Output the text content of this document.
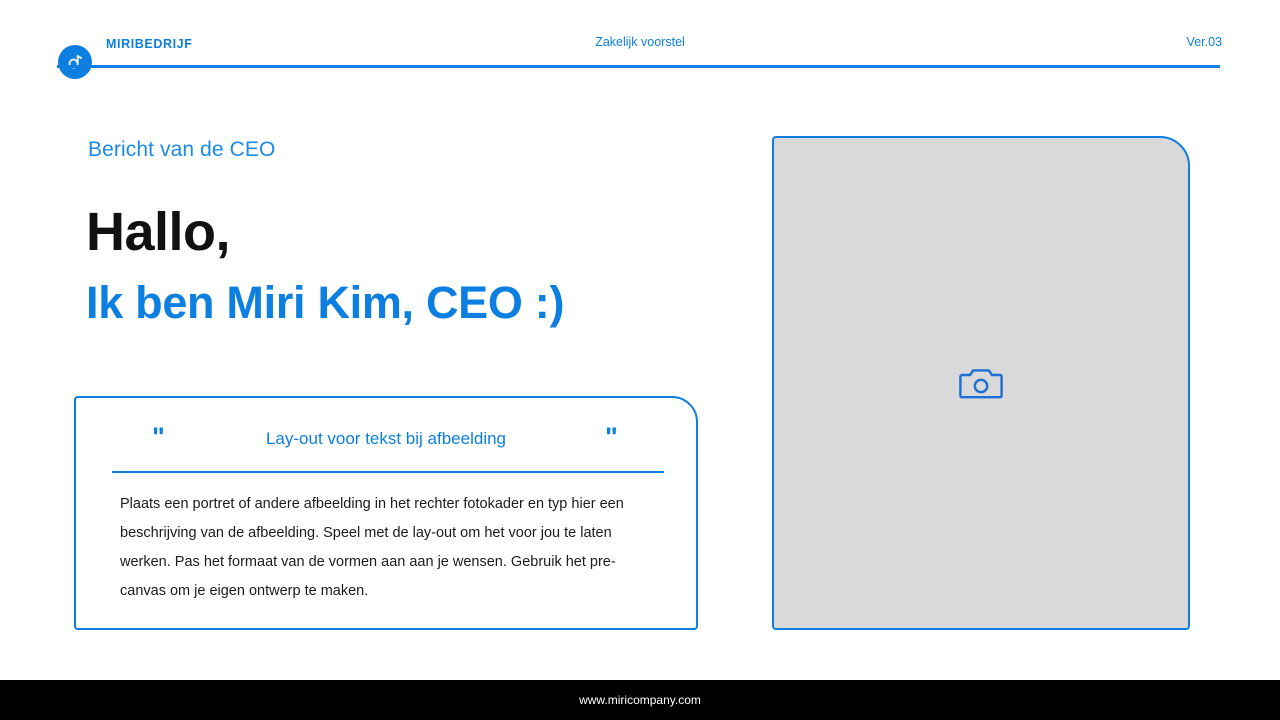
MIRIBEDRIJF	Zakelijk voorstel	Ver.03
Bericht van de CEO
Hallo,
Ik ben Miri Kim, CEO :)
"	"
Lay-out voor tekst bij afbeelding
Plaats een portret of andere afbeelding in het rechter fotokader en typ hier een beschrijving van de afbeelding. Speel met de lay-out om het voor jou te laten werken. Pas het formaat van de vormen aan aan je wensen. Gebruik het pre-canvas om je eigen ontwerp te maken.
www.miricompany.com
